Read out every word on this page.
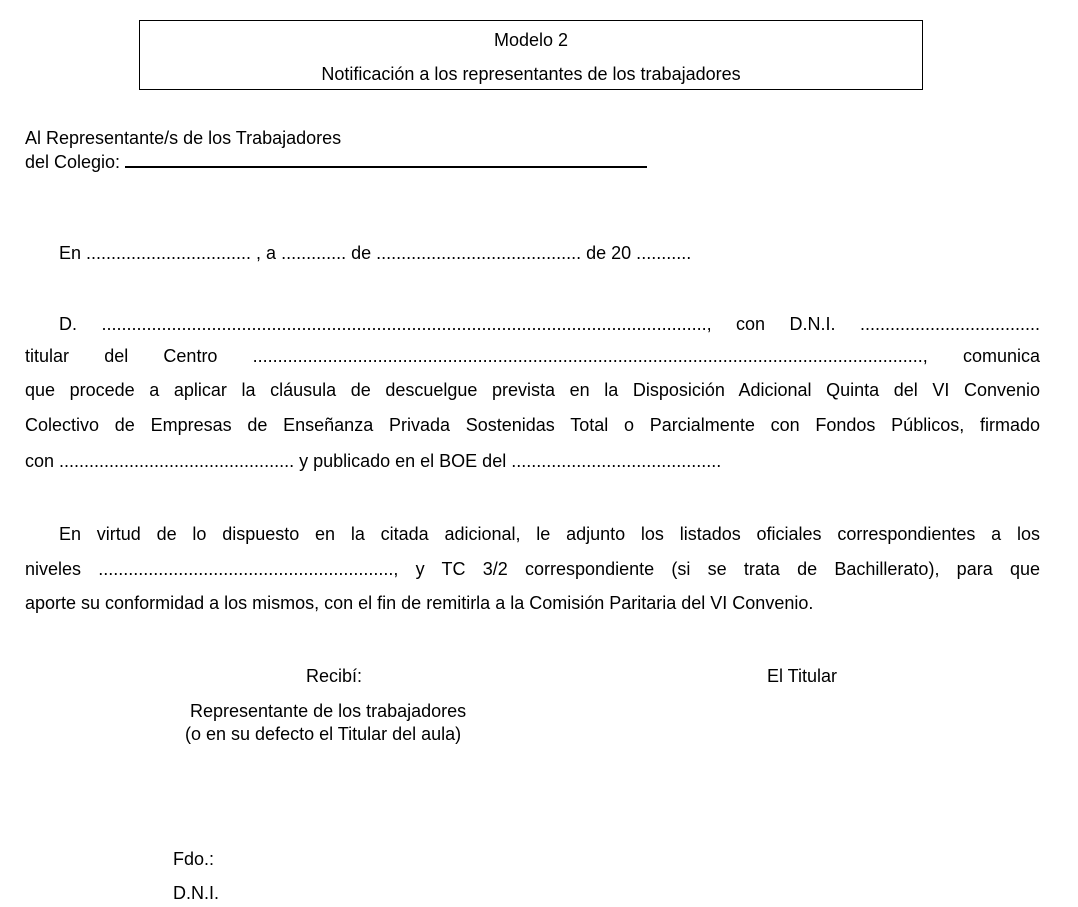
Modelo 2
Notificación a los representantes de los trabajadores
Al Representante/s de los Trabajadores
del Colegio:
En ................................. , a ............. de ......................................... de 20 ...........
D. ........................................................................................................................., con D.N.I. ....................................
titular del Centro ......................................................................................................................................, comunica
que procede a aplicar la cláusula de descuelgue prevista en la Disposición Adicional Quinta del VI Convenio
Colectivo de Empresas de Enseñanza Privada Sostenidas Total o Parcialmente con Fondos Públicos, firmado
con ............................................... y publicado en el BOE del ..........................................
En virtud de lo dispuesto en la citada adicional, le adjunto los listados oficiales correspondientes a los
niveles ..........................................................., y TC 3/2 correspondiente (si se trata de Bachillerato), para que
aporte su conformidad a los mismos, con el fin de remitirla a la Comisión Paritaria del VI Convenio.
Recibí:	El Titular
Representante de los trabajadores
(o en su defecto el Titular del aula)
Fdo.:
D.N.I.
